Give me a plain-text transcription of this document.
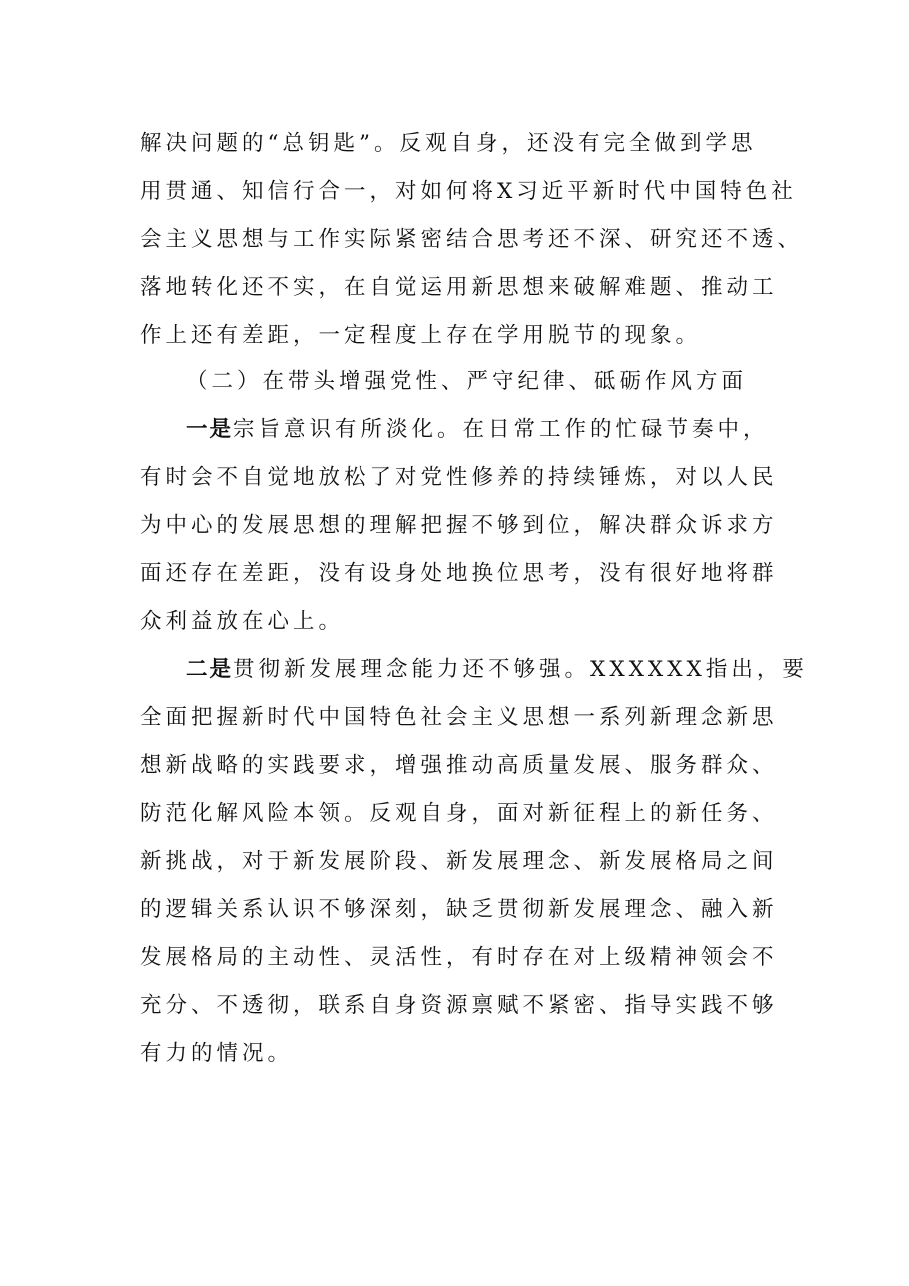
解决问题的“总钥匙”。反观自身，还没有完全做到学思

用贯通、知信行合一，对如何将X习近平新时代中国特色社

会主义思想与工作实际紧密结合思考还不深、研究还不透、

落地转化还不实，在自觉运用新思想来破解难题、推动工

作上还有差距，一定程度上存在学用脱节的现象。

（二）在带头增强党性、严守纪律、砥砺作风方面

一是宗旨意识有所淡化。在日常工作的忙碌节奏中，

有时会不自觉地放松了对党性修养的持续锤炼，对以人民

为中心的发展思想的理解把握不够到位，解决群众诉求方

面还存在差距，没有设身处地换位思考，没有很好地将群

众利益放在心上。

二是贯彻新发展理念能力还不够强。XXXXXX指出，要

全面把握新时代中国特色社会主义思想一系列新理念新思

想新战略的实践要求，增强推动高质量发展、服务群众、

防范化解风险本领。反观自身，面对新征程上的新任务、

新挑战，对于新发展阶段、新发展理念、新发展格局之间

的逻辑关系认识不够深刻，缺乏贯彻新发展理念、融入新

发展格局的主动性、灵活性，有时存在对上级精神领会不

充分、不透彻，联系自身资源禀赋不紧密、指导实践不够

有力的情况。
